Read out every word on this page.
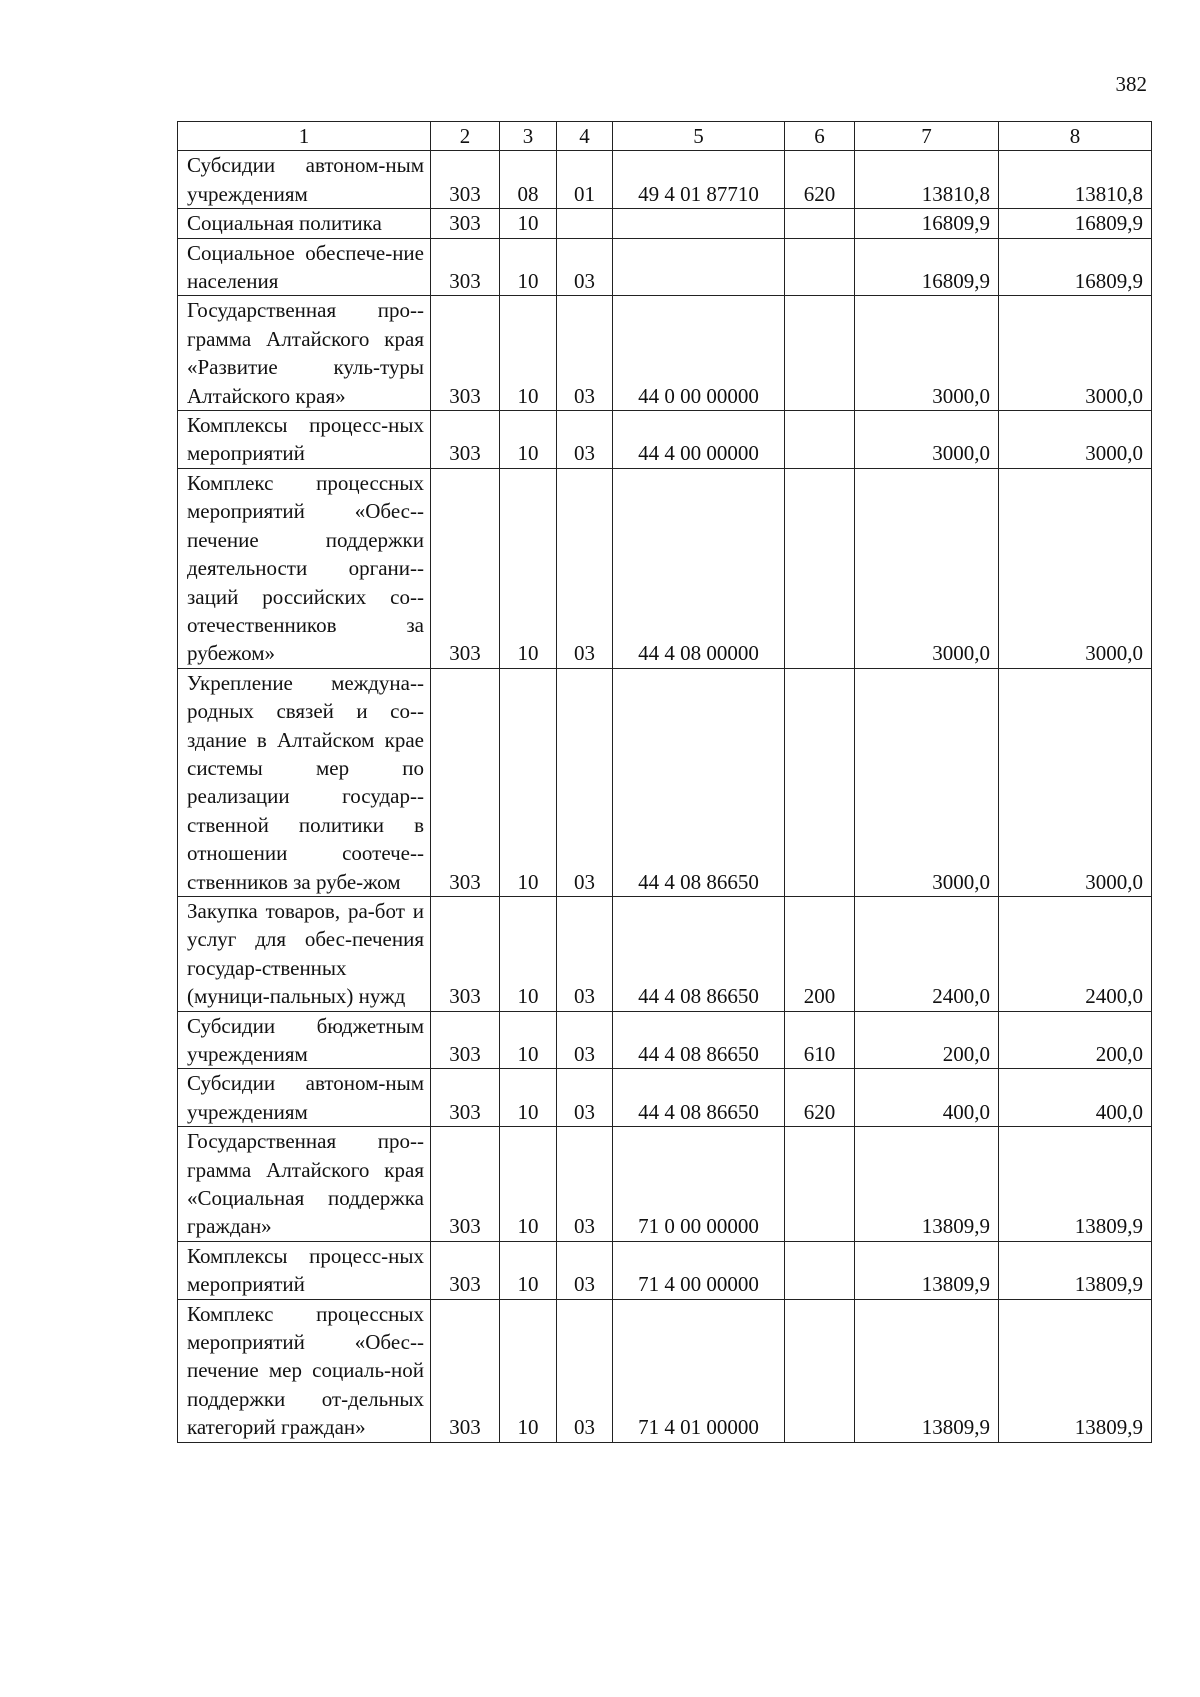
382
1	2	3	4	5	6	7	8
Субсидии автоном-ным учреждениям	303	08	01	49 4 01 87710	620	13810,8	13810,8
Социальная политика	303	10				16809,9	16809,9
Социальное обеспече-ние населения	303	10	03			16809,9	16809,9
Государственная про-грамма Алтайского края «Развитие куль-туры Алтайского края»	303	10	03	44 0 00 00000		3000,0	3000,0
Комплексы процесс-ных мероприятий	303	10	03	44 4 00 00000		3000,0	3000,0
Комплекс процессных мероприятий «Обес-печение поддержки деятельности органи-заций российских со-отечественников за рубежом»	303	10	03	44 4 08 00000		3000,0	3000,0
Укрепление междуна-родных связей и со-здание в Алтайском крае системы мер по реализации государ-ственной политики в отношении соотече-ственников за рубе-жом	303	10	03	44 4 08 86650		3000,0	3000,0
Закупка товаров, ра-бот и услуг для обес-печения государ-ственных (муници-пальных) нужд	303	10	03	44 4 08 86650	200	2400,0	2400,0
Субсидии бюджетным учреждениям	303	10	03	44 4 08 86650	610	200,0	200,0
Субсидии автоном-ным учреждениям	303	10	03	44 4 08 86650	620	400,0	400,0
Государственная про-грамма Алтайского края «Социальная поддержка граждан»	303	10	03	71 0 00 00000		13809,9	13809,9
Комплексы процесс-ных мероприятий	303	10	03	71 4 00 00000		13809,9	13809,9
Комплекс процессных мероприятий «Обес-печение мер социаль-ной поддержки от-дельных категорий граждан»	303	10	03	71 4 01 00000		13809,9	13809,9
